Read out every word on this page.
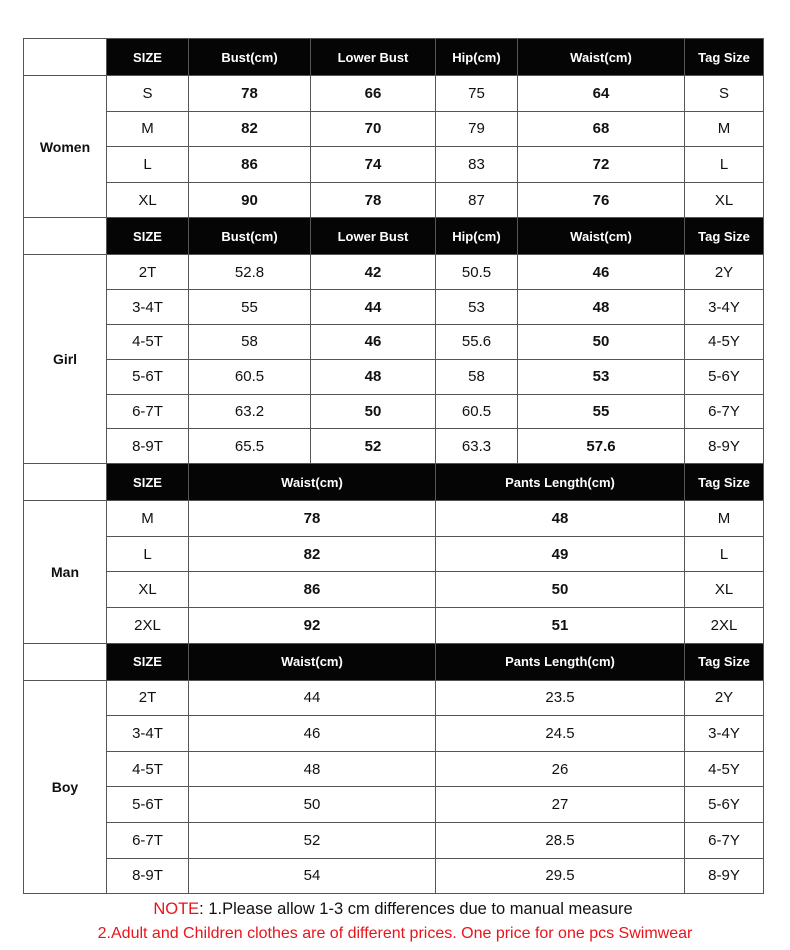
	SIZE	Bust(cm)	Lower Bust	Hip(cm)	Waist(cm)	Tag Size
Women	S	78	66	75	64	S
	M	82	70	79	68	M
	L	86	74	83	72	L
	XL	90	78	87	76	XL
	SIZE	Bust(cm)	Lower Bust	Hip(cm)	Waist(cm)	Tag Size
Girl	2T	52.8	42	50.5	46	2Y
	3-4T	55	44	53	48	3-4Y
	4-5T	58	46	55.6	50	4-5Y
	5-6T	60.5	48	58	53	5-6Y
	6-7T	63.2	50	60.5	55	6-7Y
	8-9T	65.5	52	63.3	57.6	8-9Y
	SIZE	Waist(cm)		Pants Length(cm)		Tag Size
Man	M	78		48		M
	L	82		49		L
	XL	86		50		XL
	2XL	92		51		2XL
	SIZE	Waist(cm)		Pants Length(cm)		Tag Size
Boy	2T	44		23.5		2Y
	3-4T	46		24.5		3-4Y
	4-5T	48		26		4-5Y
	5-6T	50		27		5-6Y
	6-7T	52		28.5		6-7Y
	8-9T	54		29.5		8-9Y
NOTE: 1.Please allow 1-3 cm differences due to manual measure
2.Adult and Children clothes are of different prices. One price for one pcs Swimwear
